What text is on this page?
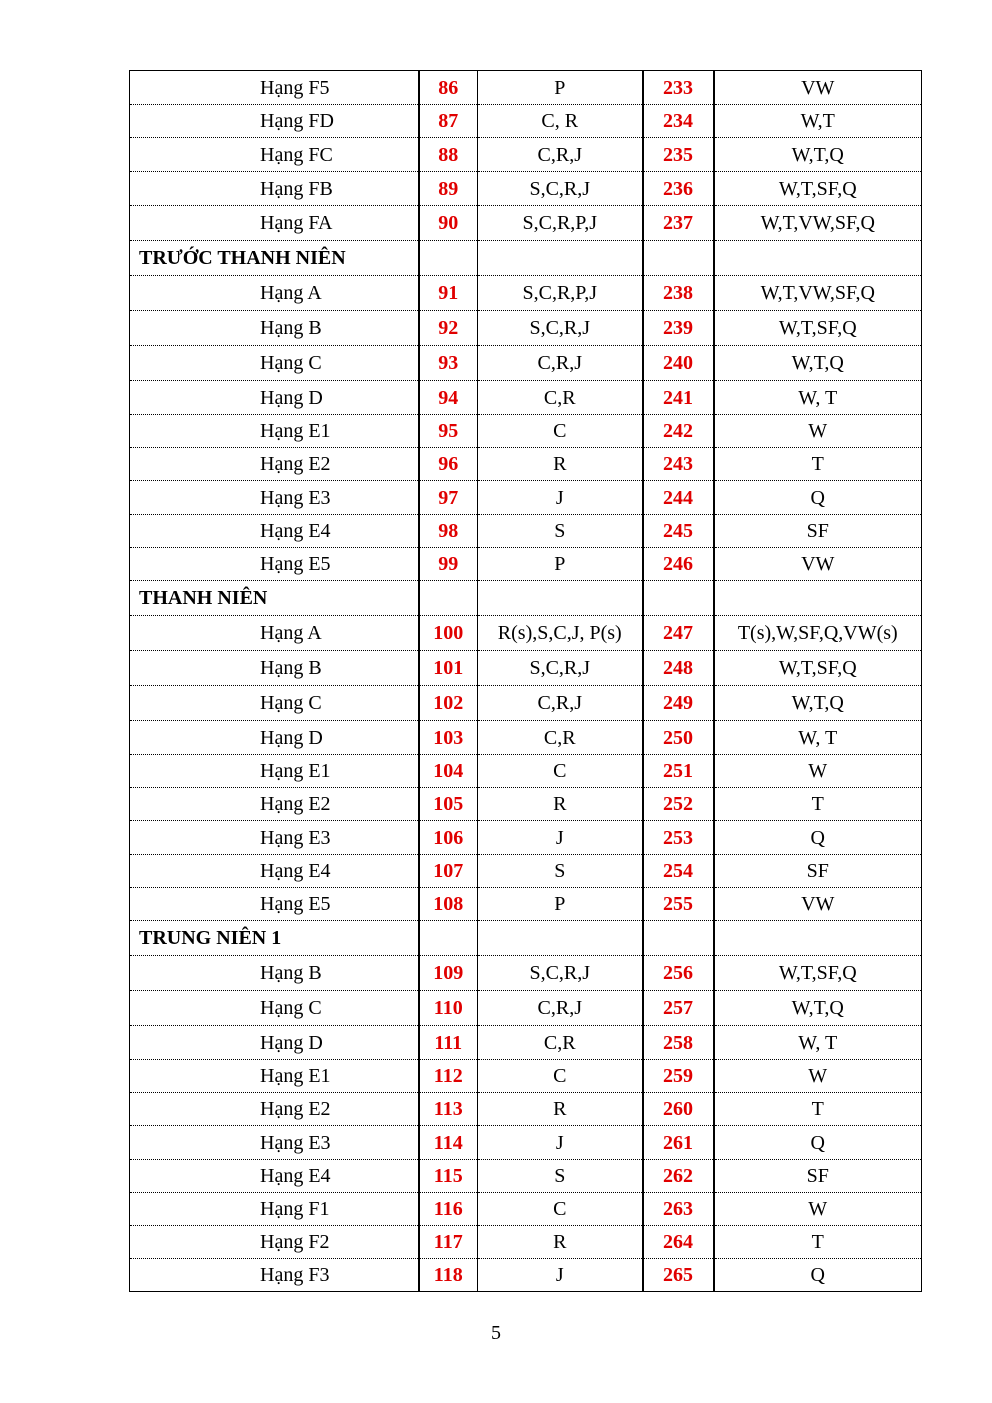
Hạng F5	86	P	233	VW
Hạng FD	87	C, R	234	W,T
Hạng FC	88	C,R,J	235	W,T,Q
Hạng FB	89	S,C,R,J	236	W,T,SF,Q
Hạng FA	90	S,C,R,P,J	237	W,T,VW,SF,Q
TRƯỚC THANH NIÊN				
Hạng A	91	S,C,R,P,J	238	W,T,VW,SF,Q
Hạng B	92	S,C,R,J	239	W,T,SF,Q
Hạng C	93	C,R,J	240	W,T,Q
Hạng D	94	C,R	241	W, T
Hạng E1	95	C	242	W
Hạng E2	96	R	243	T
Hạng E3	97	J	244	Q
Hạng E4	98	S	245	SF
Hạng E5	99	P	246	VW
THANH NIÊN				
Hạng A	100	R(s),S,C,J, P(s)	247	T(s),W,SF,Q,VW(s)
Hạng B	101	S,C,R,J	248	W,T,SF,Q
Hạng C	102	C,R,J	249	W,T,Q
Hạng D	103	C,R	250	W, T
Hạng E1	104	C	251	W
Hạng E2	105	R	252	T
Hạng E3	106	J	253	Q
Hạng E4	107	S	254	SF
Hạng E5	108	P	255	VW
TRUNG NIÊN 1				
Hạng B	109	S,C,R,J	256	W,T,SF,Q
Hạng C	110	C,R,J	257	W,T,Q
Hạng D	111	C,R	258	W, T
Hạng E1	112	C	259	W
Hạng E2	113	R	260	T
Hạng E3	114	J	261	Q
Hạng E4	115	S	262	SF
Hạng F1	116	C	263	W
Hạng F2	117	R	264	T
Hạng F3	118	J	265	Q
5
